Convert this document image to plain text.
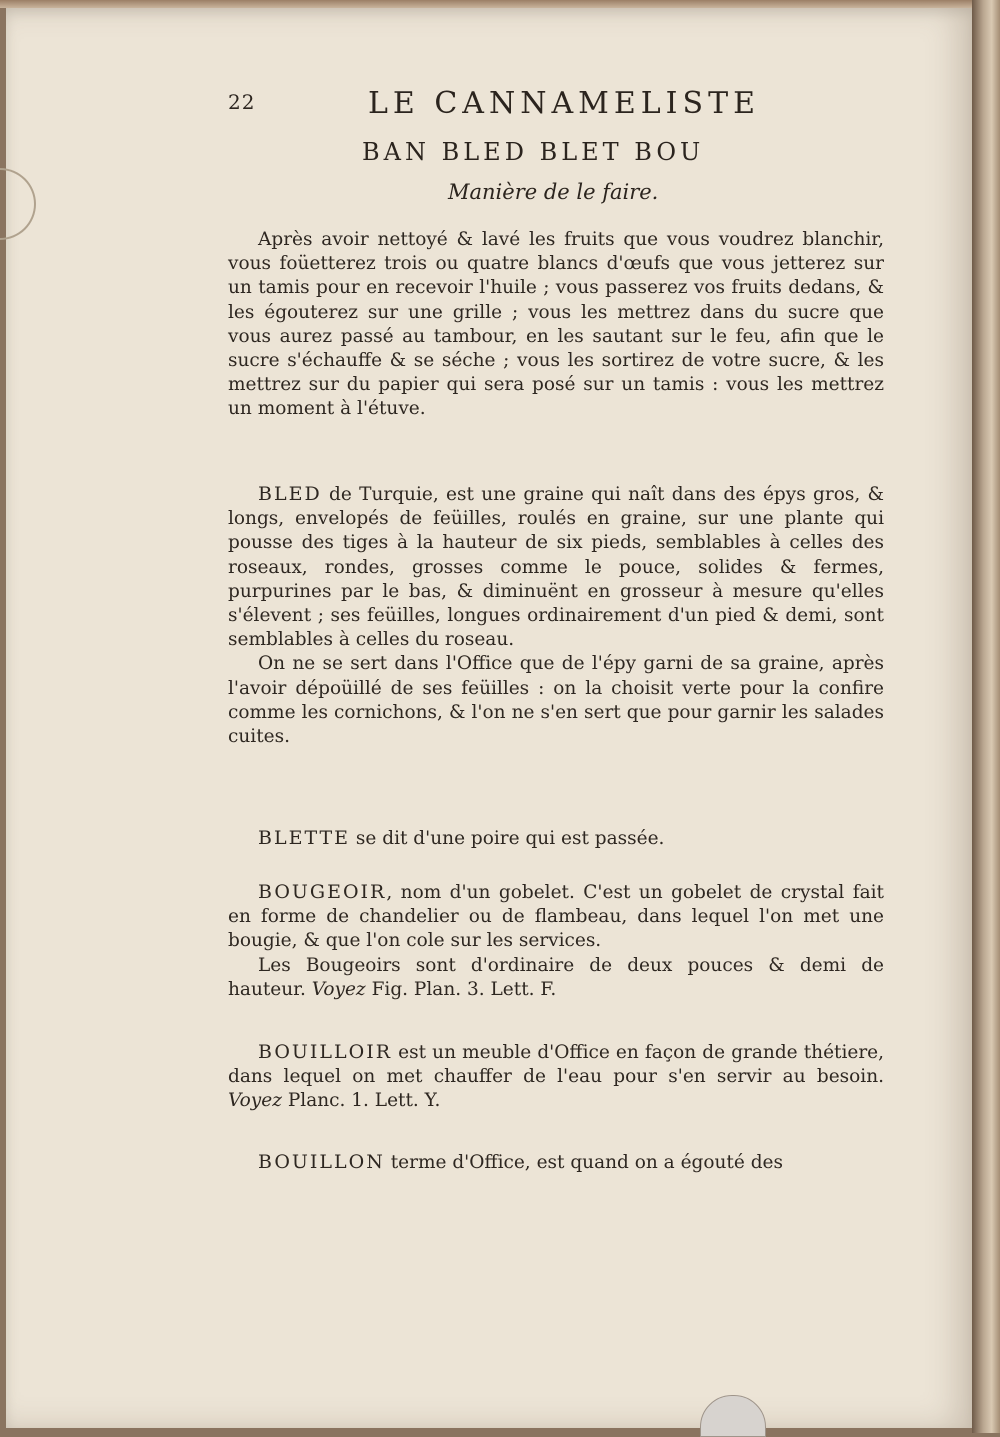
22	LE CANNAMELISTE
BAN BLED BLET BOU
Manière de le faire.

Après avoir nettoyé & lavé les fruits que vous voudrez blanchir, vous foüetterez trois ou quatre blancs d'œufs que vous jetterez sur un tamis pour en recevoir l'huile ; vous passerez vos fruits dedans, & les égouterez sur une grille ; vous les mettrez dans du sucre que vous aurez passé au tambour, en les sautant sur le feu, afin que le sucre s'échauffe & se séche ; vous les sortirez de votre sucre, & les mettrez sur du papier qui sera posé sur un tamis : vous les mettrez un moment à l'étuve.

BLED de Turquie, est une graine qui naît dans des épys gros, & longs, envelopés de feüilles, roulés en graine, sur une plante qui pousse des tiges à la hauteur de six pieds, semblables à celles des roseaux, rondes, grosses comme le pouce, solides & fermes, purpurines par le bas, & diminuënt en grosseur à mesure qu'elles s'élevent ; ses feüilles, longues ordinairement d'un pied & demi, sont semblables à celles du roseau.

On ne se sert dans l'Office que de l'épy garni de sa graine, après l'avoir dépoüillé de ses feüilles : on la choisit verte pour la confire comme les cornichons, & l'on ne s'en sert que pour garnir les salades cuites.

BLETTE se dit d'une poire qui est passée.

BOUGEOIR, nom d'un gobelet. C'est un gobelet de crystal fait en forme de chandelier ou de flambeau, dans lequel l'on met une bougie, & que l'on cole sur les services.

Les Bougeoirs sont d'ordinaire de deux pouces & demi de hauteur. Voyez Fig. Plan. 3. Lett. F.

BOUILLOIR est un meuble d'Office en façon de grande thétiere, dans lequel on met chauffer de l'eau pour s'en servir au besoin. Voyez Planc. 1. Lett. Y.

BOUILLON terme d'Office, est quand on a égouté des
